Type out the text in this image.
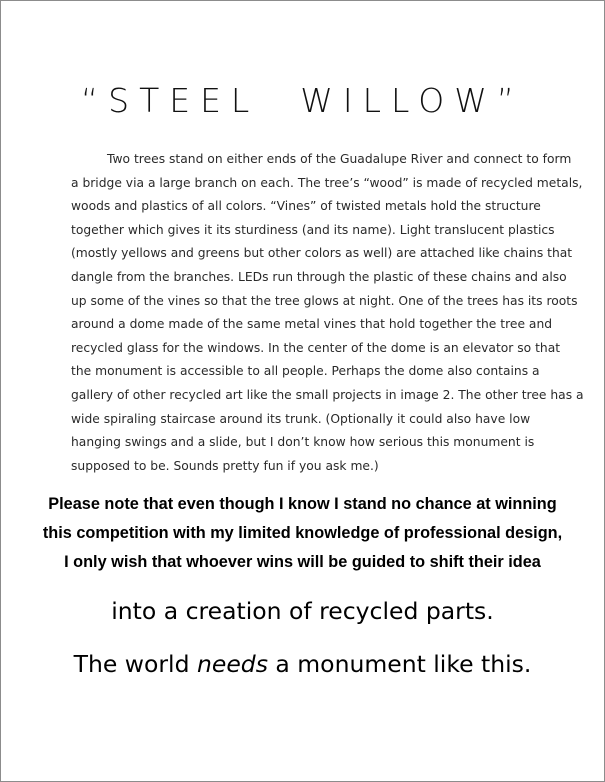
“STEEL  WILLOW”
Two trees stand on either ends of the Guadalupe River and connect to form
a bridge via a large branch on each. The tree’s “wood” is made of recycled metals,
woods and plastics of all colors. “Vines” of twisted metals hold the structure
together which gives it its sturdiness (and its name). Light translucent plastics
(mostly yellows and greens but other colors as well) are attached like chains that
dangle from the branches. LEDs run through the plastic of these chains and also
up some of the vines so that the tree glows at night. One of the trees has its roots
around a dome made of the same metal vines that hold together the tree and
recycled glass for the windows. In the center of the dome is an elevator so that
the monument is accessible to all people. Perhaps the dome also contains a
gallery of other recycled art like the small projects in image 2. The other tree has a
wide spiraling staircase around its trunk. (Optionally it could also have low
hanging swings and a slide, but I don’t know how serious this monument is
supposed to be. Sounds pretty fun if you ask me.)
Please note that even though I know I stand no chance at winning
this competition with my limited knowledge of professional design,
I only wish that whoever wins will be guided to shift their idea
into a creation of recycled parts.
The world needs a monument like this.
